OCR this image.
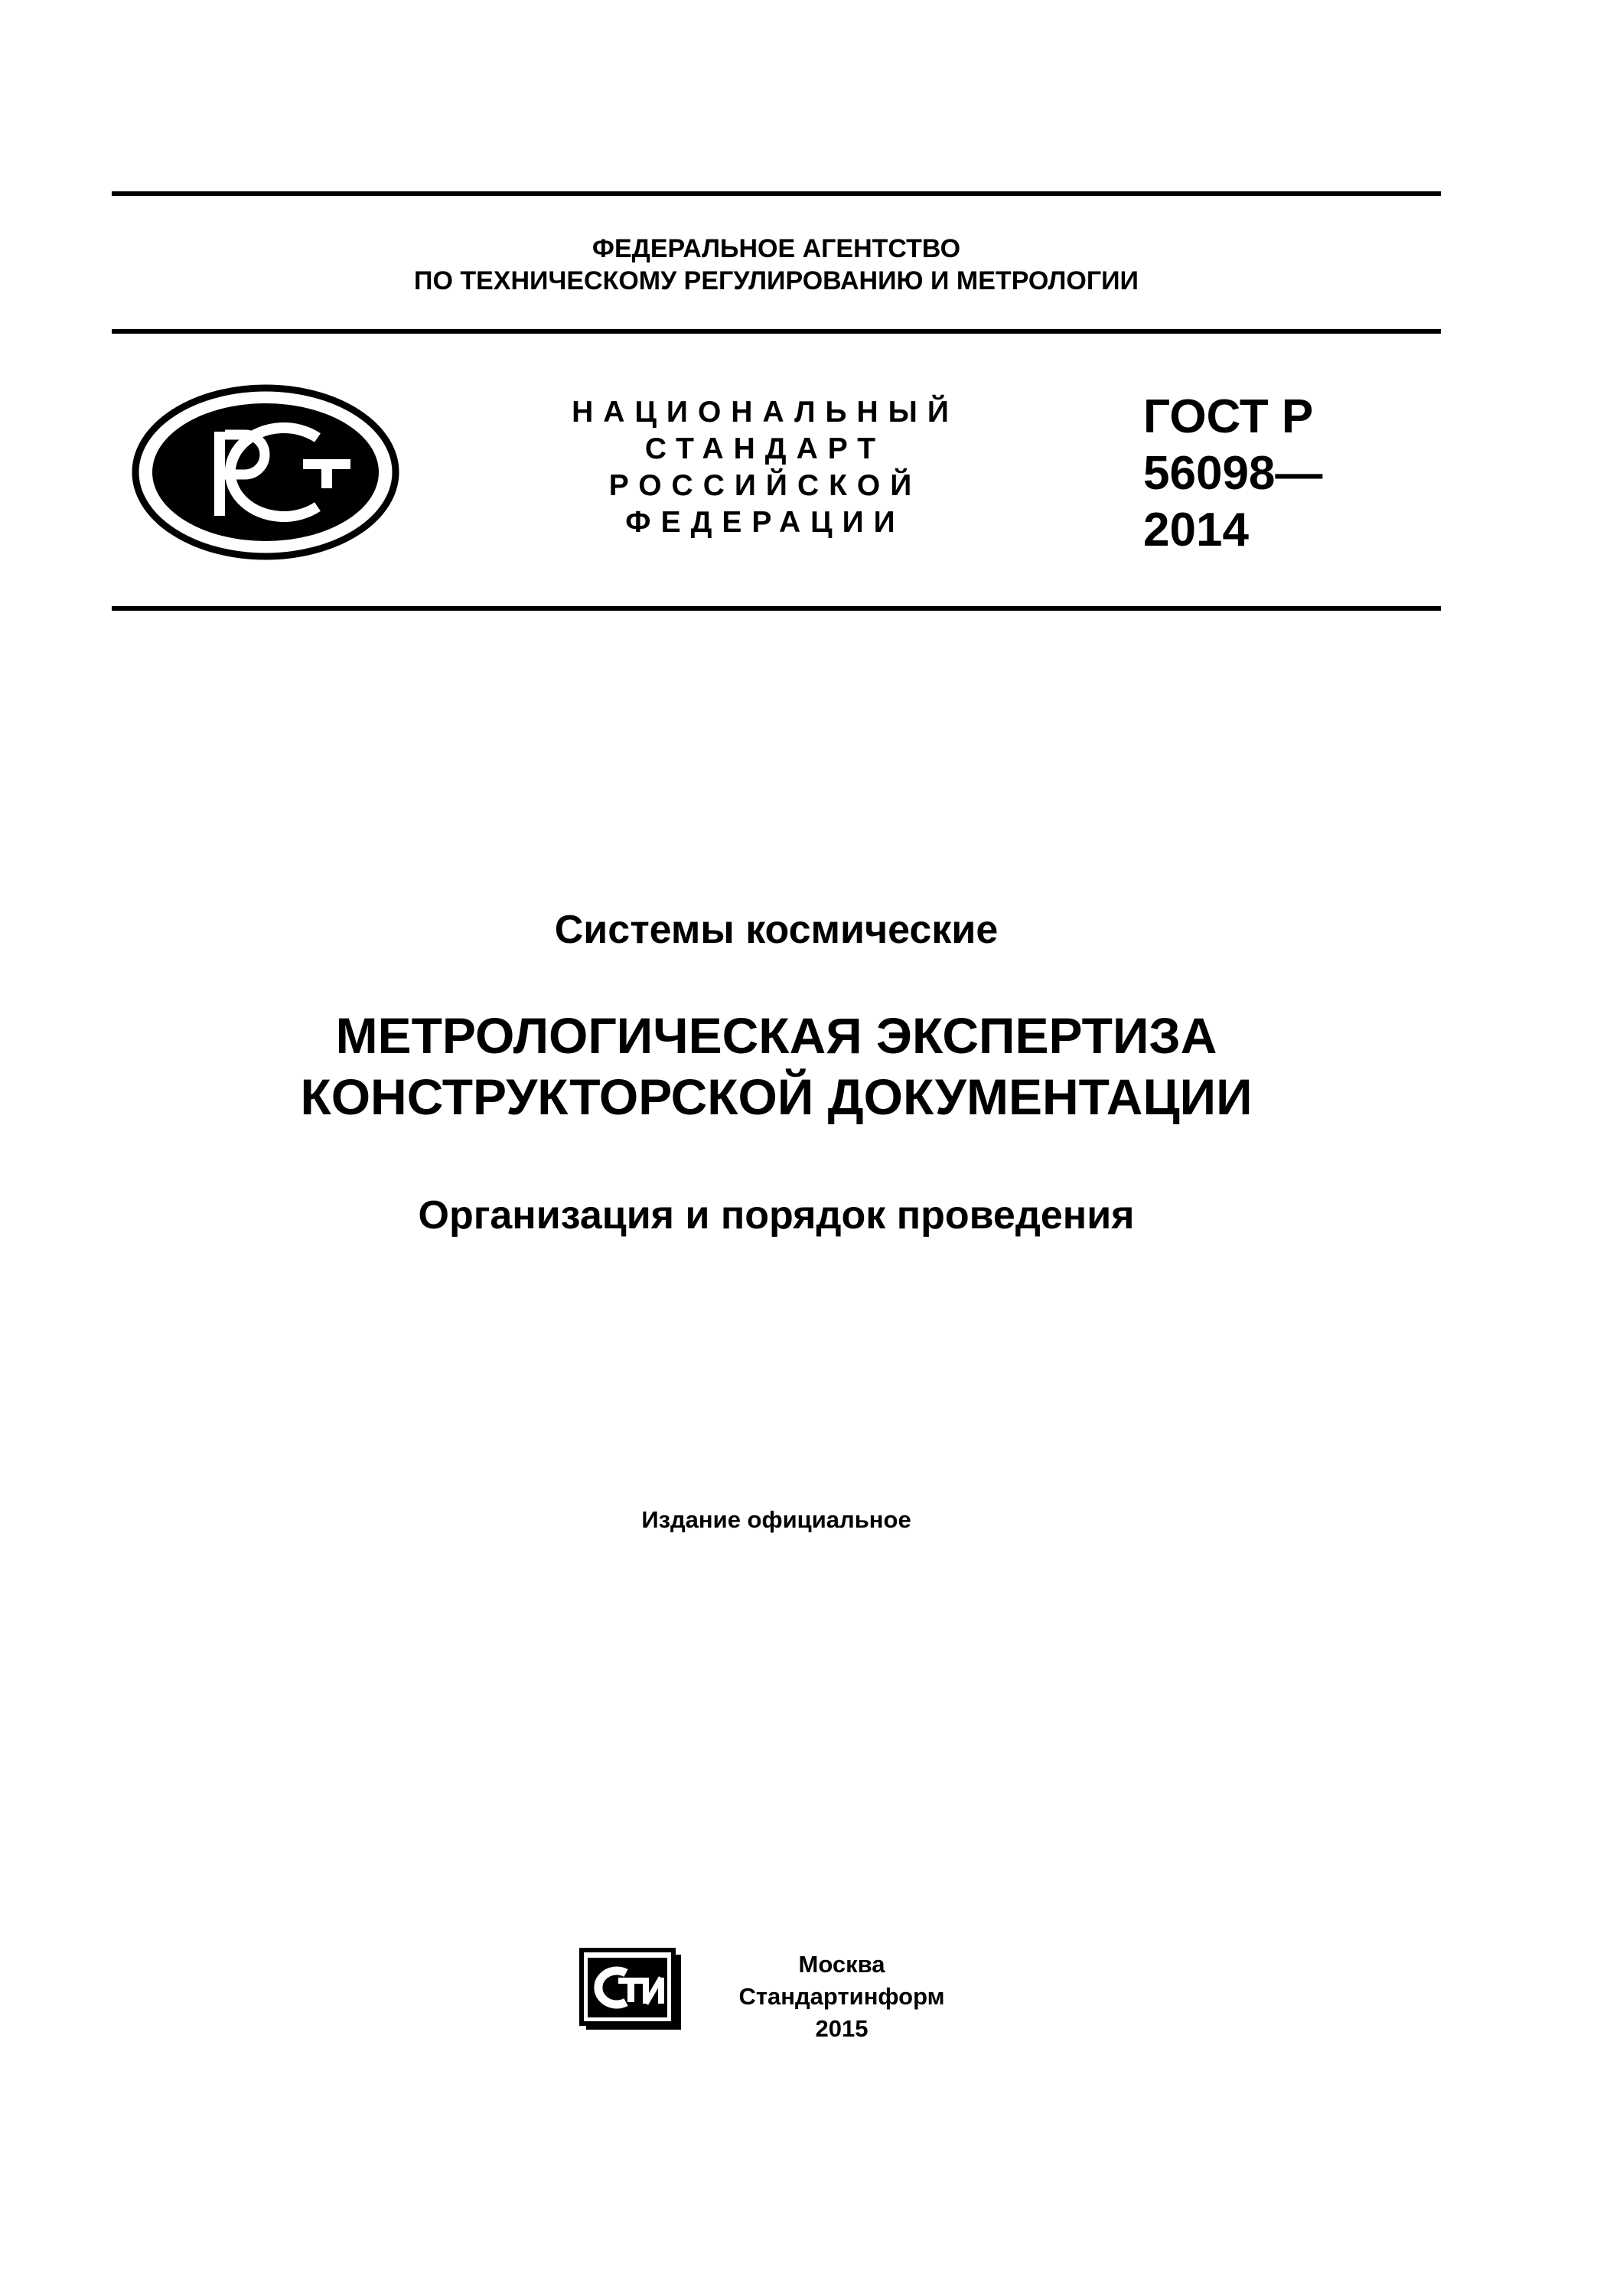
ФЕДЕРАЛЬНОЕ АГЕНТСТВО
ПО ТЕХНИЧЕСКОМУ РЕГУЛИРОВАНИЮ И МЕТРОЛОГИИ
НАЦИОНАЛЬНЫЙ
СТАНДАРТ
РОССИЙСКОЙ
ФЕДЕРАЦИИ
ГОСТ Р
56098—
2014
Системы космические
МЕТРОЛОГИЧЕСКАЯ ЭКСПЕРТИЗА
КОНСТРУКТОРСКОЙ ДОКУМЕНТАЦИИ
Организация и порядок проведения
Издание официальное
Москва
Стандартинформ
2015
